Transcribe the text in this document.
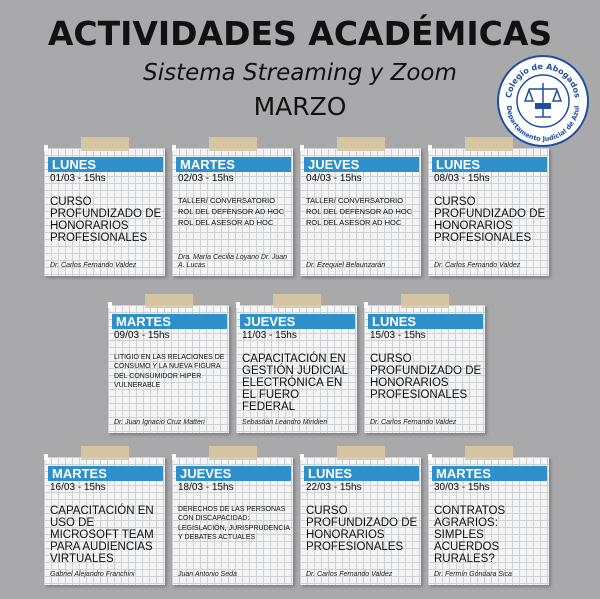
ACTIVIDADES ACADÉMICAS
Sistema Streaming y Zoom
MARZO	Colegio de Abogados
Departamento Judicial de Azul
LUNES
01/03 - 15hs
CURSO PROFUNDIZADO DE HONORARIOS PROFESIONALES
Dr. Carlos Fernando Valdez
MARTES
02/03 - 15hs
TALLER/ CONVERSATORIO ROL DEL DEFENSOR AD HOC ROL DEL ASESOR AD HOC
Dra. María Cecilia Loyano Dr. Juan A. Lucas
JUEVES
04/03 - 15hs
TALLER/ CONVERSATORIO ROL DEL DEFENSOR AD HOC ROL DEL ASESOR AD HOC
Dr. Ezequiel Belaunzarán
LUNES
08/03 - 15hs
CURSO PROFUNDIZADO DE HONORARIOS PROFESIONALES
Dr. Carlos Fernando Valdez
MARTES
09/03 - 15hs
LITIGIO EN LAS RELACIONES DE CONSUMO Y LA NUEVA FIGURA DEL CONSUMIDOR HIPER VULNERABLE
Dr. Juan Ignacio Cruz Matteri
JUEVES
11/03 - 15hs
CAPACITACIÓN EN GESTIÓN JUDICIAL ELECTRÓNICA EN EL FUERO FEDERAL
Sebastián Leandro Miridieri
LUNES
15/03 - 15hs
CURSO PROFUNDIZADO DE HONORARIOS PROFESIONALES
Dr. Carlos Fernando Valdez
MARTES
16/03 - 15hs
CAPACITACIÓN EN USO DE MICROSOFT TEAM PARA AUDIENCIAS VIRTUALES
Gabriel Alejandro Franchini
JUEVES
18/03 - 15hs
DERECHOS DE LAS PERSONAS CON DISCAPACIDAD: LEGISLACIÓN, JURISPRUDENCIA Y DEBATES ACTUALES
Juan Antonio Seda
LUNES
22/03 - 15hs
CURSO PROFUNDIZADO DE HONORARIOS PROFESIONALES
Dr. Carlos Fernando Valdez
MARTES
30/03 - 15hs
CONTRATOS AGRARIOS: SIMPLES ACUERDOS RURALES?
Dr. Fermín Góndara Sica
